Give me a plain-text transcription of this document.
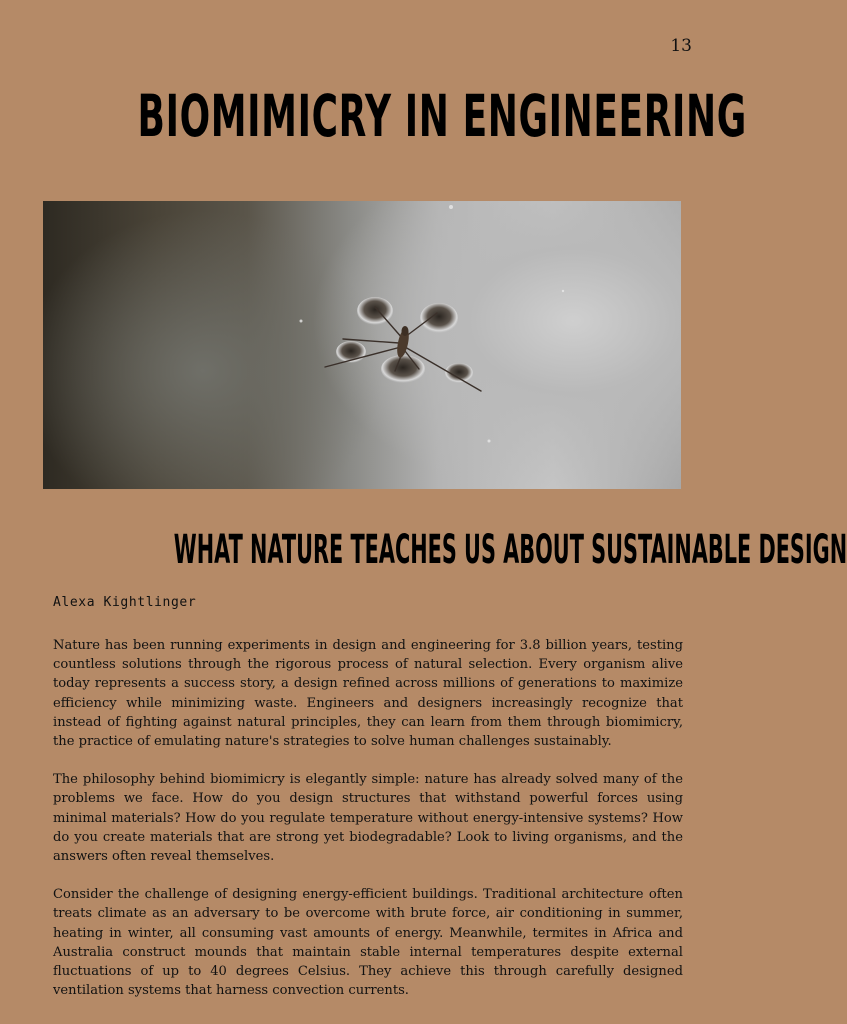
13
BIOMIMICRY IN ENGINEERING
WHAT NATURE TEACHES US ABOUT SUSTAINABLE DESIGN
Alexa Kightlinger

Nature has been running experiments in design and engineering for 3.8 billion years, testing countless solutions through the rigorous process of natural selection. Every organism alive today represents a success story, a design refined across millions of generations to maximize efficiency while minimizing waste. Engineers and designers increasingly recognize that instead of fighting against natural principles, they can learn from them through biomimicry, the practice of emulating nature's strategies to solve human challenges sustainably.

The philosophy behind biomimicry is elegantly simple: nature has already solved many of the problems we face. How do you design structures that withstand powerful forces using minimal materials? How do you regulate temperature without energy-intensive systems? How do you create materials that are strong yet biodegradable? Look to living organisms, and the answers often reveal themselves.

Consider the challenge of designing energy-efficient buildings. Traditional architecture often treats climate as an adversary to be overcome with brute force, air conditioning in summer, heating in winter, all consuming vast amounts of energy. Meanwhile, termites in Africa and Australia construct mounds that maintain stable internal temperatures despite external fluctuations of up to 40 degrees Celsius. They achieve this through carefully designed ventilation systems that harness convection currents.
